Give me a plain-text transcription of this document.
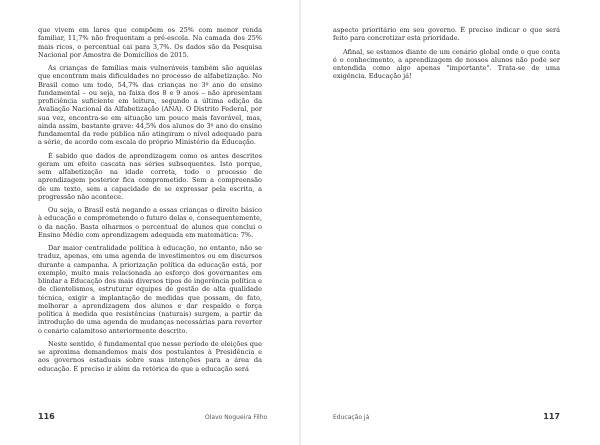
que vivem em lares que compõem os 25% com menor renda familiar, 11,7% não frequentam a pré-escola. Na camada dos 25% mais ricos, o percentual cai para 3,7%. Os dados são da Pesquisa Nacional por Amostra de Domicílios de 2015.

As crianças de famílias mais vulneráveis também são aquelas que encontram mais dificuldades no processo de alfabetização. No Brasil como um todo, 54,7% das crianças no 3º ano do ensino fundamental – ou seja, na faixa dos 8 e 9 anos – não apresentam proficiência suficiente em leitura, segundo a última edição da Avaliação Nacional da Alfabetização (ANA). O Distrito Federal, por sua vez, encontra-se em situação um pouco mais favorável, mas, ainda assim, bastante grave: 44,5% dos alunos do 3º ano do ensino fundamental da rede pública não atingiram o nível adequado para a série, de acordo com escala do próprio Ministério da Educação.

É sabido que dados de aprendizagem como os antes descritos geram um efeito cascata nas séries subsequentes. Isto porque, sem alfabetização na idade correta, todo o processo de aprendizagem posterior fica comprometido. Sem a compreensão de um texto, sem a capacidade de se expressar pela escrita, a progressão não acontece.

Ou seja, o Brasil está negando a essas crianças o direito básico à educação e comprometendo o futuro delas e, consequentemente, o da nação. Basta olharmos o percentual de alunos que conclui o Ensino Médio com aprendizagem adequada em matemática: 7%.

Dar maior centralidade política à educação, no entanto, não se traduz, apenas, em uma agenda de investimentos ou em discursos durante a campanha. A priorização política da educação está, por exemplo, muito mais relacionada ao esforço dos governantes em blindar a Educação dos mais diversos tipos de ingerência política e de clientelismos, estruturar equipes de gestão de alta qualidade técnica, exigir a implantação de medidas que possam, de fato, melhorar a aprendizagem dos alunos e dar respaldo e força política à medida que resistências (naturais) surgem, a partir da introdução de uma agenda de mudanças necessárias para reverter o cenário calamitoso anteriormente descrito.

Neste sentido, é fundamental que nesse período de eleições que se aproxima demandemos mais dos postulantes à Presidência e aos governos estaduais sobre suas intenções para a área da educação. É preciso ir além da retórica de que a educação será

116	Olavo Nogueira Filho

aspecto prioritário em seu governo. É preciso indicar o que será feito para concretizar esta prioridade.

Afinal, se estamos diante de um cenário global onde o que conta é o conhecimento, a aprendizagem de nossos alunos não pode ser entendida como algo apenas "importante". Trata-se de uma exigência. Educação já!

Educação já	117
